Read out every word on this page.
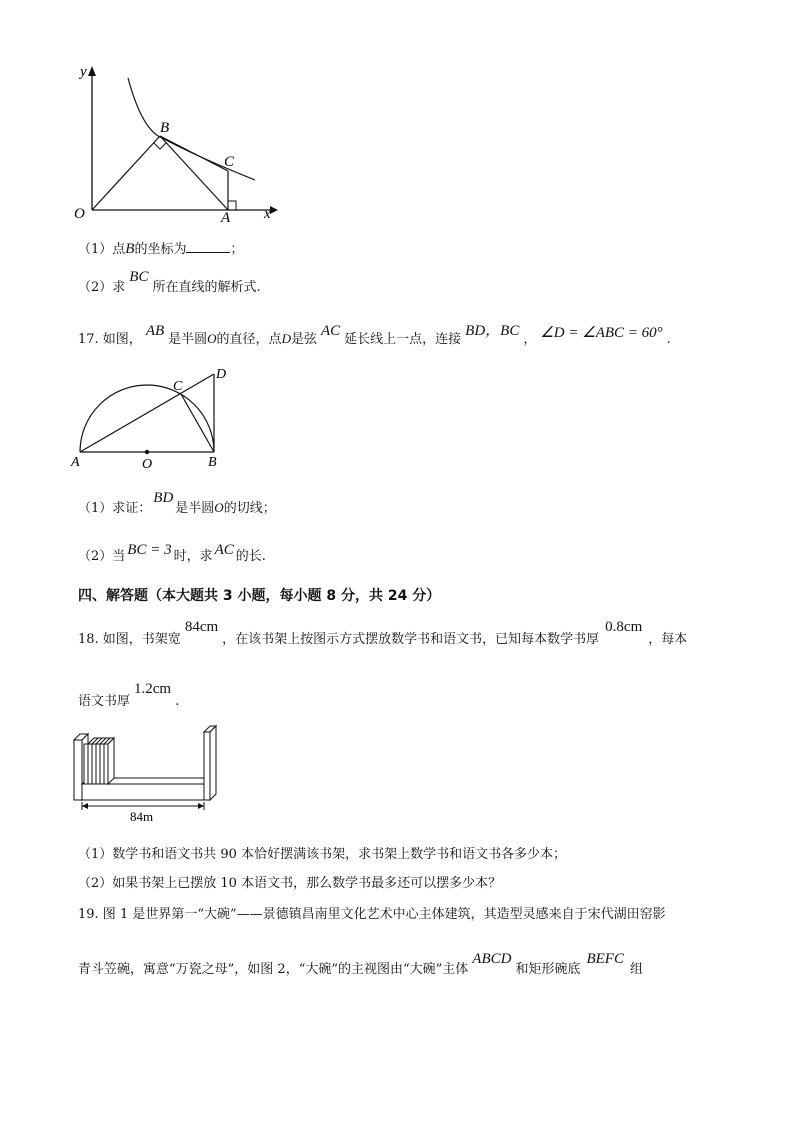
y
x
O	A
B
C
（1）点B的坐标为	；
（2）求BC所在直线的解析式.
17. 如图，AB是半圆O的直径，点D是弦AC延长线上一点，连接BD，BC， ∠D = ∠ABC = 60° .
A	O	B
C
D
（1）求证：BD是半圆O的切线；
（2）当 BC = 3 时，求 AC 的长.
四、解答题（本大题共 3 小题，每小题 8 分，共 24 分）
18. 如图，书架宽84cm，在该书架上按图示方式摆放数学书和语文书，已知每本数学书厚0.8cm，每本
语文书厚1.2cm.
84m
（1）数学书和语文书共 90 本恰好摆满该书架，求书架上数学书和语文书各多少本；
（2）如果书架上已摆放 10 本语文书，那么数学书最多还可以摆多少本？
19. 图 1 是世界第一“大碗”——景德镇昌南里文化艺术中心主体建筑，其造型灵感来自于宋代湖田窑影
青斗笠碗，寓意“万瓷之母”，如图 2，“大碗”的主视图由“大碗”主体ABCD和矩形碗底BEFC组
